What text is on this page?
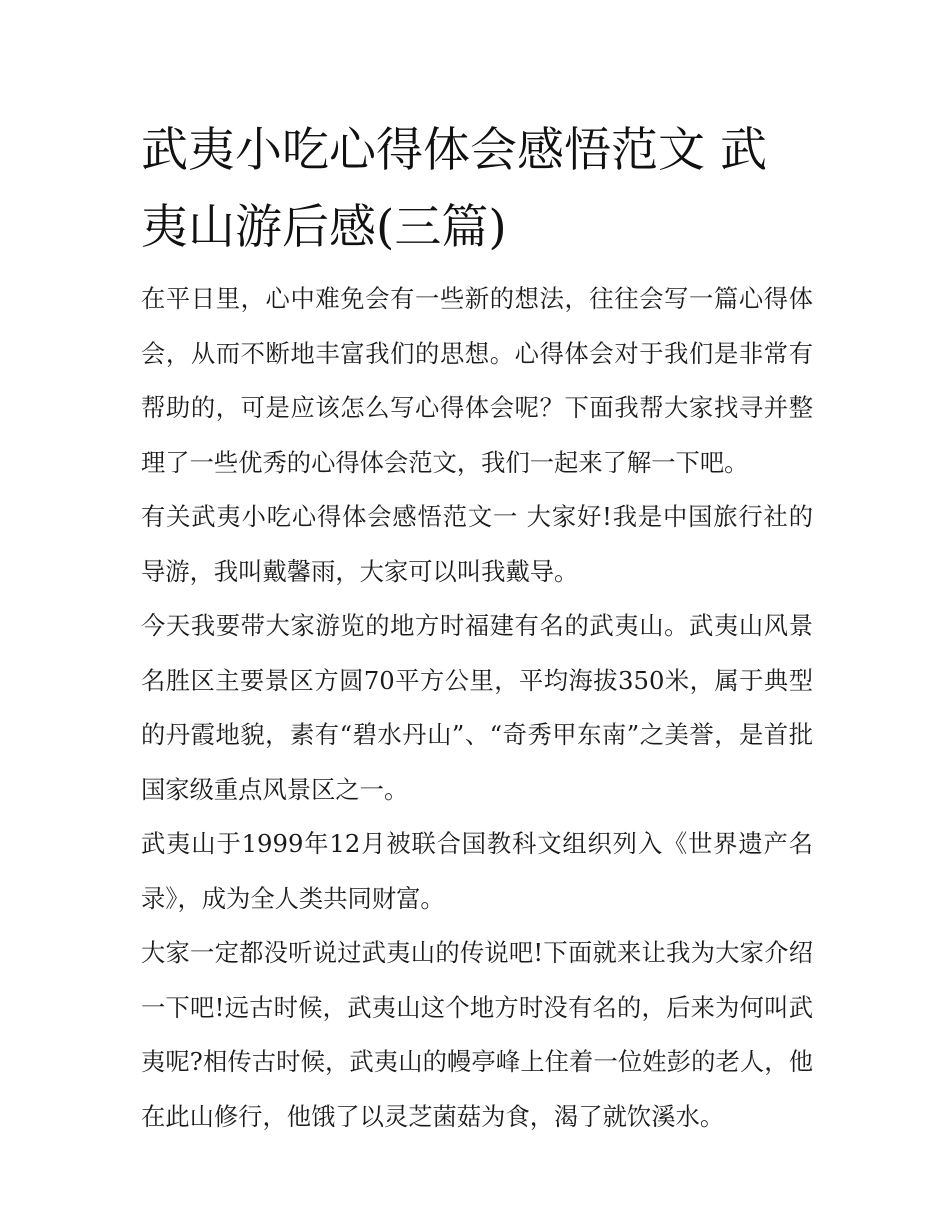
武夷小吃心得体会感悟范文 武夷山游后感(三篇)

在平日里，心中难免会有一些新的想法，往往会写一篇心得体会，从而不断地丰富我们的思想。心得体会对于我们是非常有帮助的，可是应该怎么写心得体会呢？下面我帮大家找寻并整理了一些优秀的心得体会范文，我们一起来了解一下吧。

有关武夷小吃心得体会感悟范文一 大家好!我是中国旅行社的导游，我叫戴馨雨，大家可以叫我戴导。

今天我要带大家游览的地方时福建有名的武夷山。武夷山风景名胜区主要景区方圆70平方公里，平均海拔350米，属于典型的丹霞地貌，素有“碧水丹山”、“奇秀甲东南”之美誉，是首批国家级重点风景区之一。

武夷山于1999年12月被联合国教科文组织列入《世界遗产名录》，成为全人类共同财富。

大家一定都没听说过武夷山的传说吧!下面就来让我为大家介绍一下吧!远古时候，武夷山这个地方时没有名的，后来为何叫武夷呢?相传古时候，武夷山的幔亭峰上住着一位姓彭的老人，他在此山修行，他饿了以灵芝菌菇为食，渴了就饮溪水。
